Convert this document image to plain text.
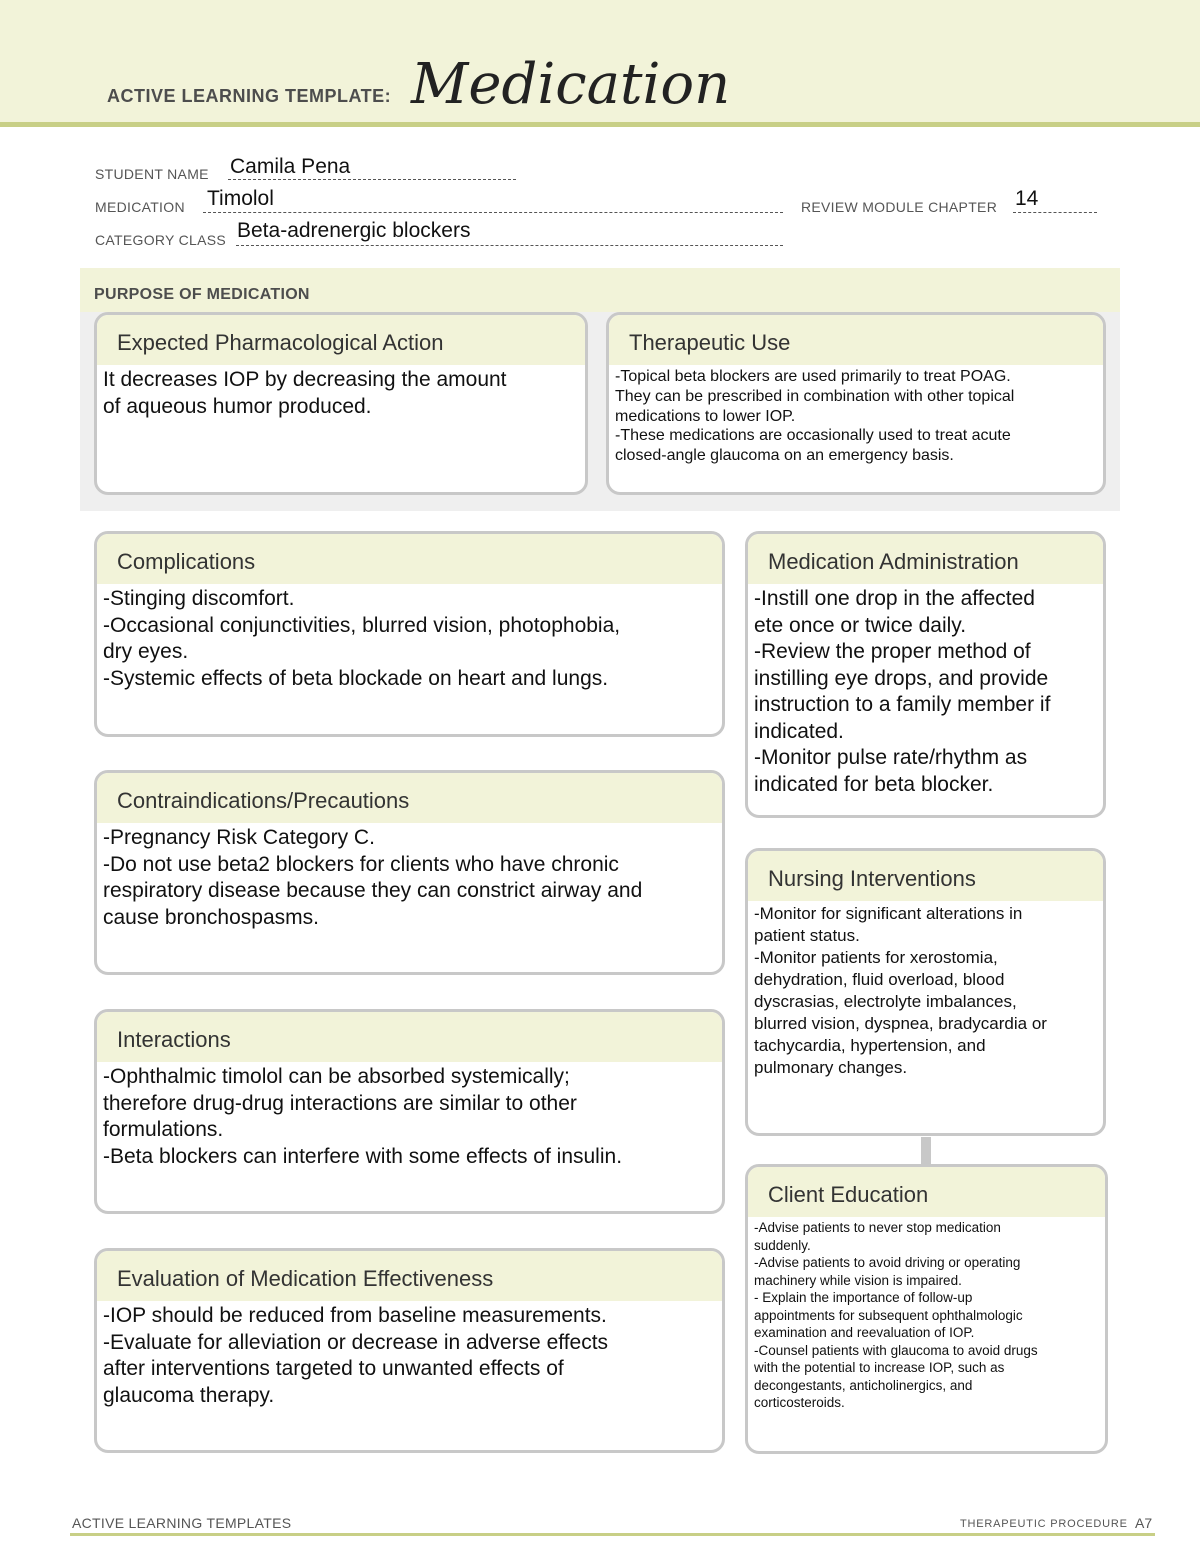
ACTIVE LEARNING TEMPLATE: Medication
STUDENT NAME Camila Pena
MEDICATION Timolol	REVIEW MODULE CHAPTER 14
CATEGORY CLASS Beta-adrenergic blockers
PURPOSE OF MEDICATION
Expected Pharmacological Action
It decreases IOP by decreasing the amount
of aqueous humor produced.
Therapeutic Use
-Topical beta blockers are used primarily to treat POAG.
They can be prescribed in combination with other topical
medications to lower IOP.
-These medications are occasionally used to treat acute
closed-angle glaucoma on an emergency basis.
Complications
-Stinging discomfort.
-Occasional conjunctivities, blurred vision, photophobia,
dry eyes.
-Systemic effects of beta blockade on heart and lungs.
Contraindications/Precautions
-Pregnancy Risk Category C.
-Do not use beta2 blockers for clients who have chronic
respiratory disease because they can constrict airway and
cause bronchospasms.
Interactions
-Ophthalmic timolol can be absorbed systemically;
therefore drug-drug interactions are similar to other
formulations.
-Beta blockers can interfere with some effects of insulin.
Evaluation of Medication Effectiveness
-IOP should be reduced from baseline measurements.
-Evaluate for alleviation or decrease in adverse effects
after interventions targeted to unwanted effects of
glaucoma therapy.
Medication Administration
-Instill one drop in the affected
ete once or twice daily.
-Review the proper method of
instilling eye drops, and provide
instruction to a family member if
indicated.
-Monitor pulse rate/rhythm as
indicated for beta blocker.
Nursing Interventions
-Monitor for significant alterations in
patient status.
-Monitor patients for xerostomia,
dehydration, fluid overload, blood
dyscrasias, electrolyte imbalances,
blurred vision, dyspnea, bradycardia or
tachycardia, hypertension, and
pulmonary changes.
Client Education
-Advise patients to never stop medication
suddenly.
-Advise patients to avoid driving or operating
machinery while vision is impaired.
- Explain the importance of follow-up
appointments for subsequent ophthalmologic
examination and reevaluation of IOP.
-Counsel patients with glaucoma to avoid drugs
with the potential to increase IOP, such as
decongestants, anticholinergics, and
corticosteroids.
ACTIVE LEARNING TEMPLATES	THERAPEUTIC PROCEDURE A7
